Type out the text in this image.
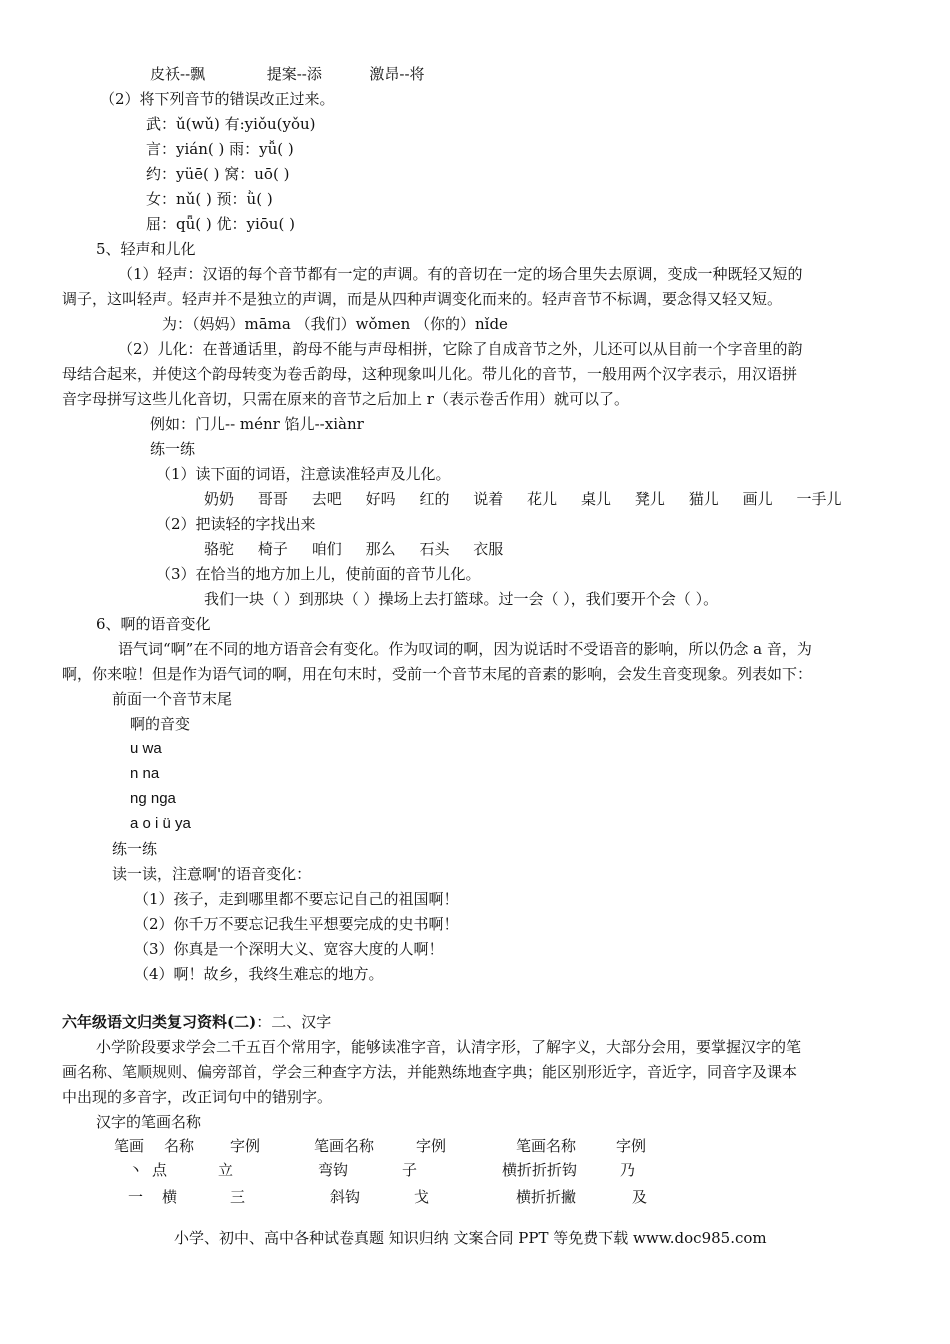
皮袄--飘	提案--添	激昂--将
（2）将下列音节的错误改正过来。
武：ǔ(wǔ) 有:yiǒu(yǒu)
言：yián( ) 雨：yǚ( )
约：yüē( ) 窝：uō( )
女：nǔ( ) 预：ǜ( )
屈：qǖ( ) 优：yiōu( )
5、轻声和儿化
（1）轻声：汉语的每个音节都有一定的声调。有的音切在一定的场合里失去原调，变成一种既轻又短的
调子，这叫轻声。轻声并不是独立的声调，而是从四种声调变化而来的。轻声音节不标调，要念得又轻又短。
为：（妈妈）māma （我们）wǒmen （你的）nǐde
（2）儿化：在普通话里，韵母不能与声母相拼，它除了自成音节之外，儿还可以从目前一个字音里的韵
母结合起来，并使这个韵母转变为卷舌韵母，这种现象叫儿化。带儿化的音节，一般用两个汉字表示，用汉语拼
音字母拼写这些儿化音切，只需在原来的音节之后加上 r（表示卷舌作用）就可以了。
例如：门儿-- ménr 馅儿--xiànr
练一练
（1）读下面的词语，注意读准轻声及儿化。
奶奶 哥哥 去吧 好吗 红的 说着 花儿 桌儿 凳儿 猫儿 画儿 一手儿
（2）把读轻的字找出来
骆驼 椅子 咱们 那么 石头 衣服
（3）在恰当的地方加上儿，使前面的音节儿化。
我们一块（ ）到那块（ ）操场上去打篮球。过一会（ ），我们要开个会（ ）。
6、啊的语音变化
语气词“啊”在不同的地方语音会有变化。作为叹词的啊，因为说话时不受语音的影响，所以仍念 a 音，为
啊，你来啦！但是作为语气词的啊，用在句末时，受前一个音节末尾的音素的影响，会发生音变现象。列表如下：
前面一个音节末尾
啊的音变
u wa
n na
ng nga
a o i ü ya
练一练
读一读，注意啊'的语音变化：
（1）孩子，走到哪里都不要忘记自己的祖国啊！
（2）你千万不要忘记我生平想要完成的史书啊！
（3）你真是一个深明大义、宽容大度的人啊！
（4）啊！故乡，我终生难忘的地方。
六年级语文归类复习资料(二)：二、汉字
小学阶段要求学会二千五百个常用字，能够读准字音，认清字形，了解字义，大部分会用，要掌握汉字的笔
画名称、笔顺规则、偏旁部首，学会三种查字方法，并能熟练地查字典；能区别形近字，音近字，同音字及课本
中出现的多音字，改正词句中的错别字。
汉字的笔画名称
笔画 名称 字例	笔画名称	字例	笔画名称	字例
丶 点	立	弯钩	子	横折折折钩	乃
一 横	三	斜钩	戈	横折折撇	及
小学、初中、高中各种试卷真题 知识归纳 文案合同 PPT 等免费下载 www.doc985.com
